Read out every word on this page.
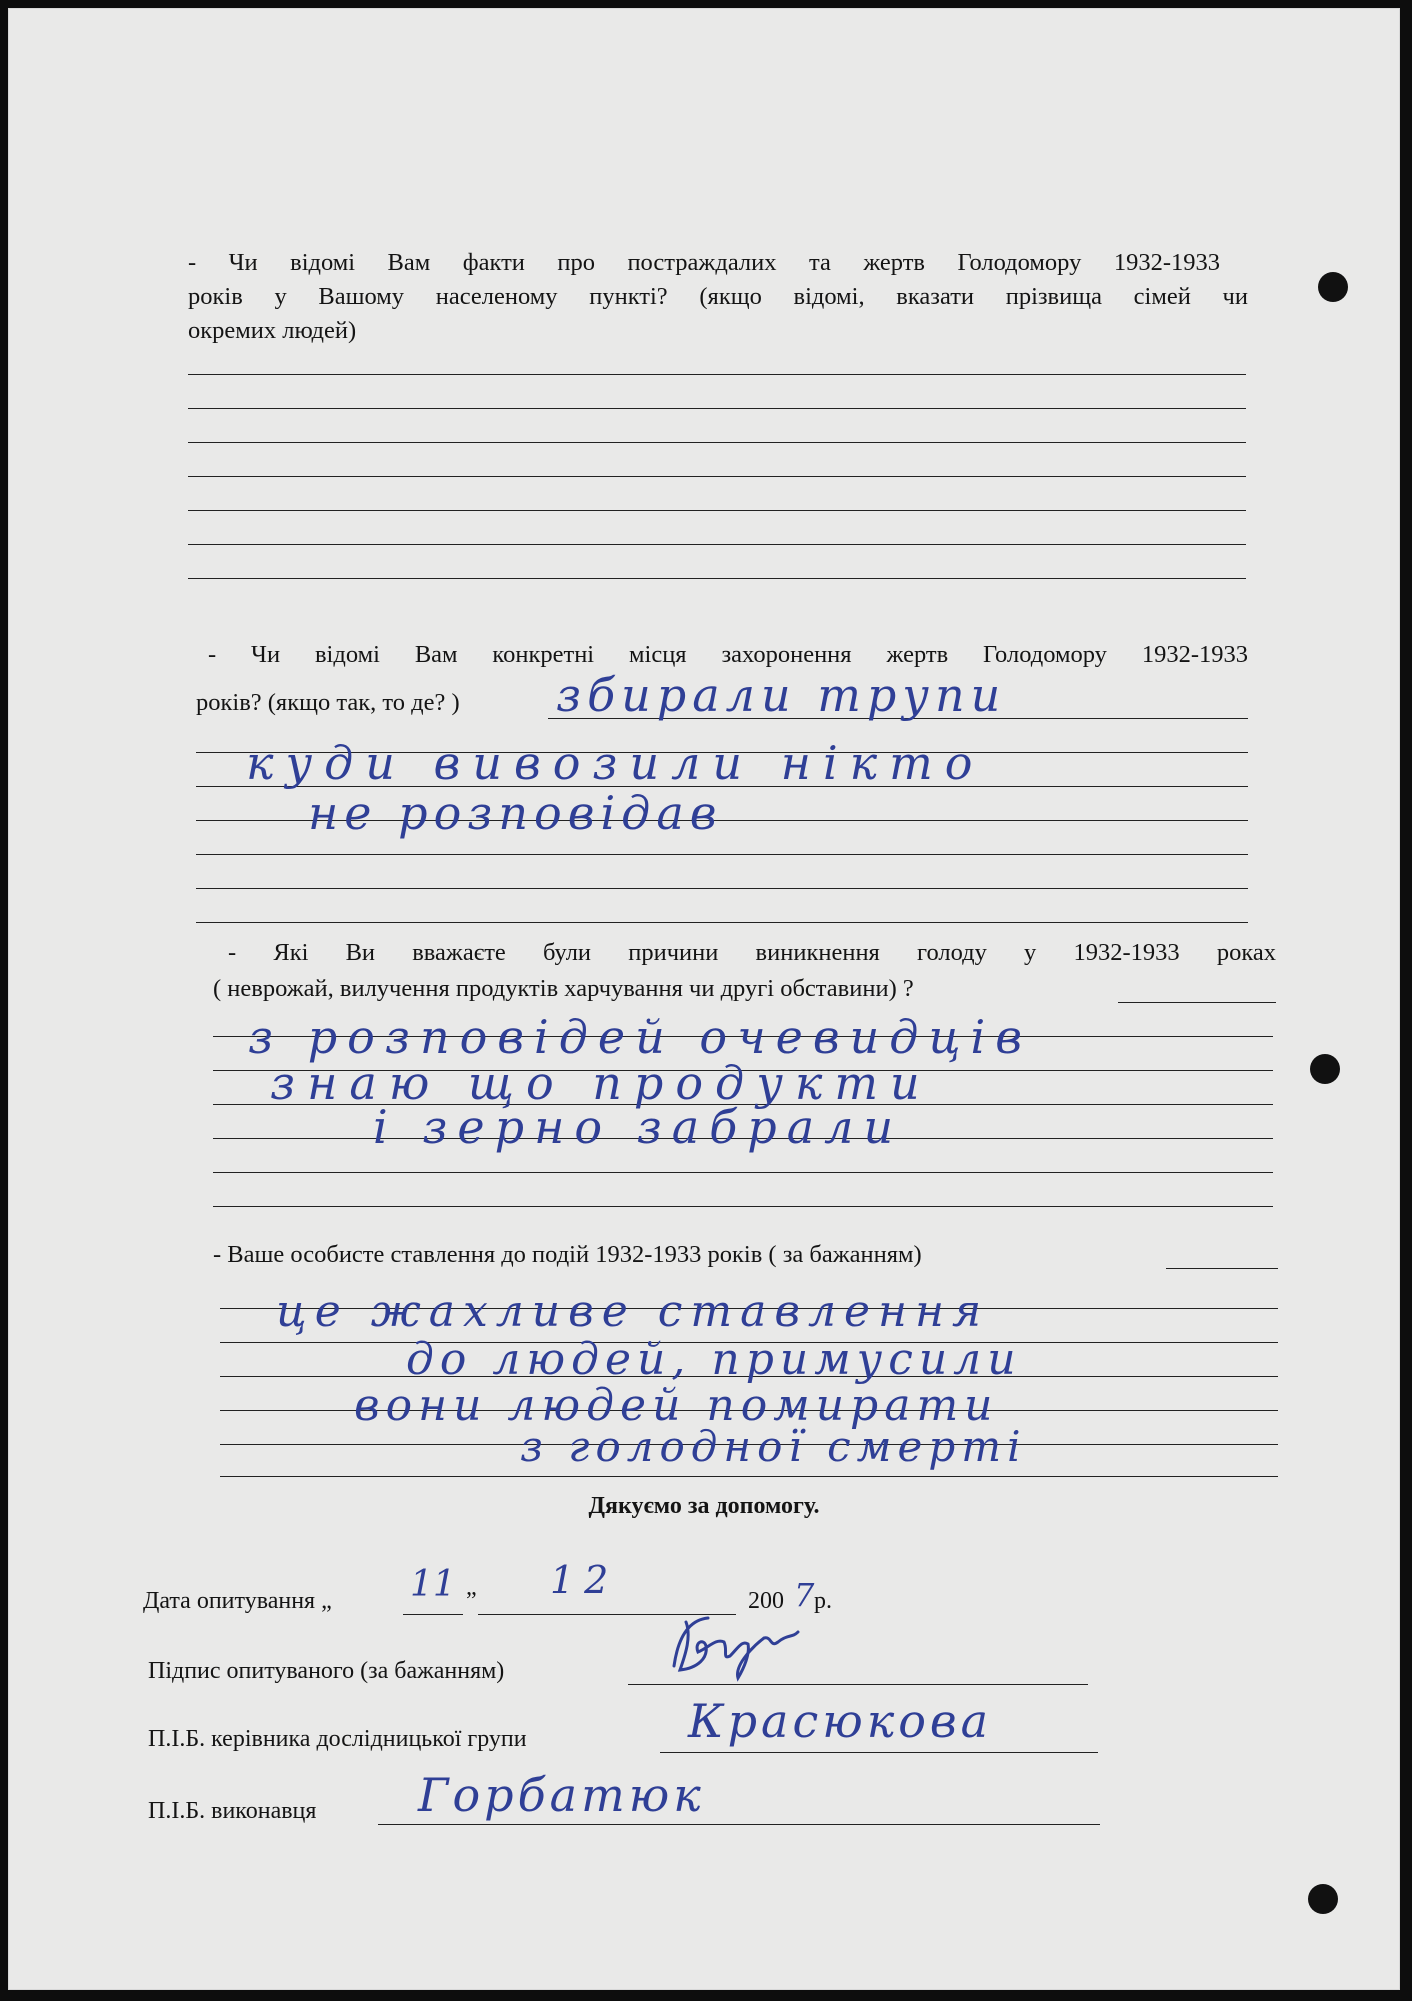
- Чи відомі Вам факти про постраждалих та жертв Голодомору 1932-1933
років у Вашому населеному пункті? (якщо відомі, вказати прізвища сімей чи
окремих людей)
- Чи відомі Вам конкретні місця захоронення жертв Голодомору 1932-1933
років? (якщо так, то де? ) збирали трупи
куди вивозили нікто
не розповідав
- Які Ви вважаєте були причини виникнення голоду у 1932-1933 роках
( неврожай, вилучення продуктів харчування чи другі обставини) ?
з розповідей очевидців
знаю що продукти
і зерно забрали
- Ваше особисте ставлення до подій 1932-1933 років ( за бажанням)
це жахливе ставлення
до людей, примусили
вони людей помирати
з голодної смерті
Дякуємо за допомогу.
Дата опитування „ 11 ” 12	200 7 р.
Підпис опитуваного (за бажанням)
П.І.Б. керівника дослідницької групи	Красюкова
П.І.Б. виконавця Горбатюк
